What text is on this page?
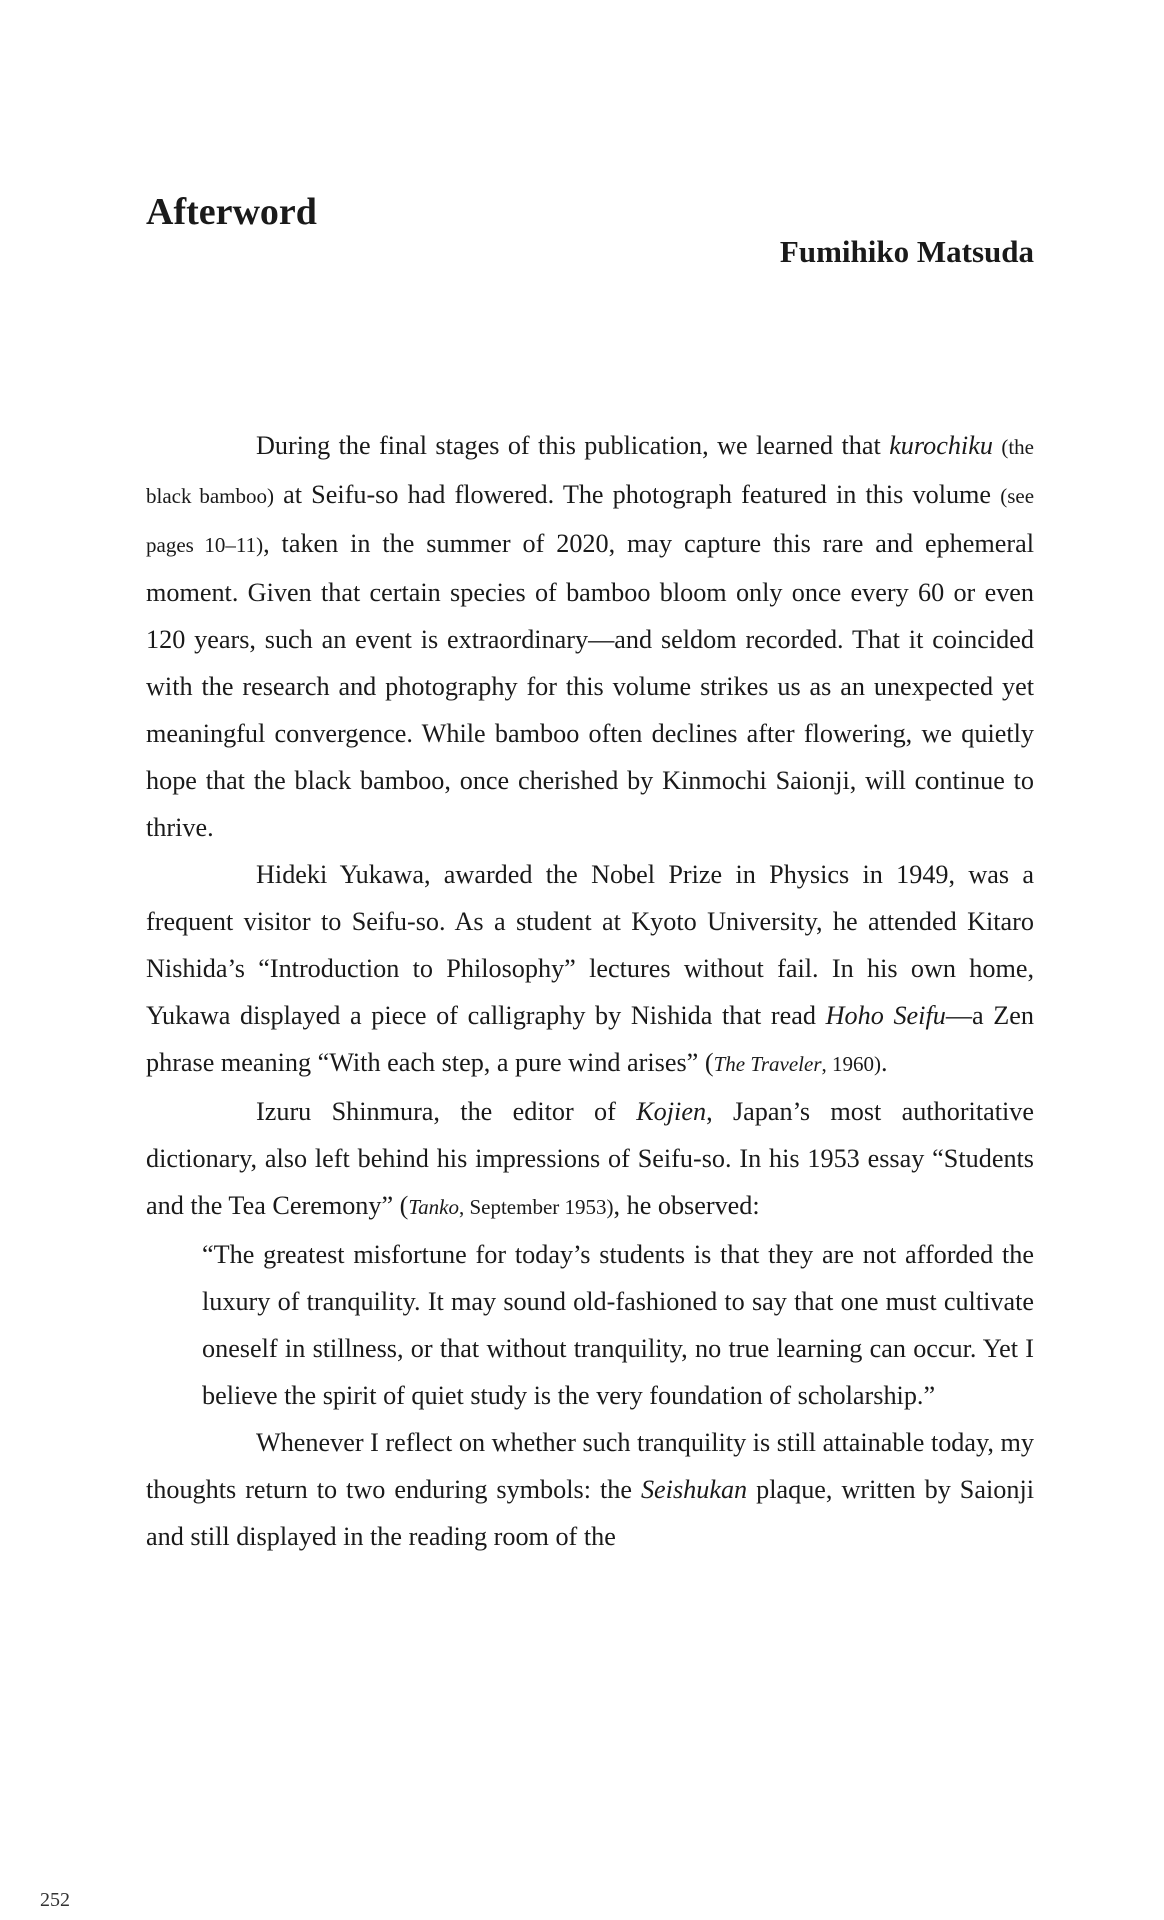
Afterword
Fumihiko Matsuda

During the final stages of this publication, we learned that kurochiku (the black bamboo) at Seifu-so had flowered. The photograph featured in this volume (see pages 10–11), taken in the summer of 2020, may capture this rare and ephemeral moment. Given that certain species of bamboo bloom only once every 60 or even 120 years, such an event is extraordinary—and seldom recorded. That it coincided with the research and photography for this volume strikes us as an unexpected yet meaningful convergence. While bamboo often declines after flowering, we quietly hope that the black bamboo, once cherished by Kinmochi Saionji, will continue to thrive.

Hideki Yukawa, awarded the Nobel Prize in Physics in 1949, was a frequent visitor to Seifu-so. As a student at Kyoto University, he attended Kitaro Nishida’s “Introduction to Philosophy” lectures without fail. In his own home, Yukawa displayed a piece of calligraphy by Nishida that read Hoho Seifu—a Zen phrase meaning “With each step, a pure wind arises” (The Traveler, 1960).

Izuru Shinmura, the editor of Kojien, Japan’s most authoritative dictionary, also left behind his impressions of Seifu-so. In his 1953 essay “Students and the Tea Ceremony” (Tanko, September 1953), he observed:

“The greatest misfortune for today’s students is that they are not afforded the luxury of tranquility. It may sound old-fashioned to say that one must cultivate oneself in stillness, or that without tranquility, no true learning can occur. Yet I believe the spirit of quiet study is the very foundation of scholarship.”

Whenever I reflect on whether such tranquility is still attainable today, my thoughts return to two enduring symbols: the Seishukan plaque, written by Saionji and still displayed in the reading room of the

252
